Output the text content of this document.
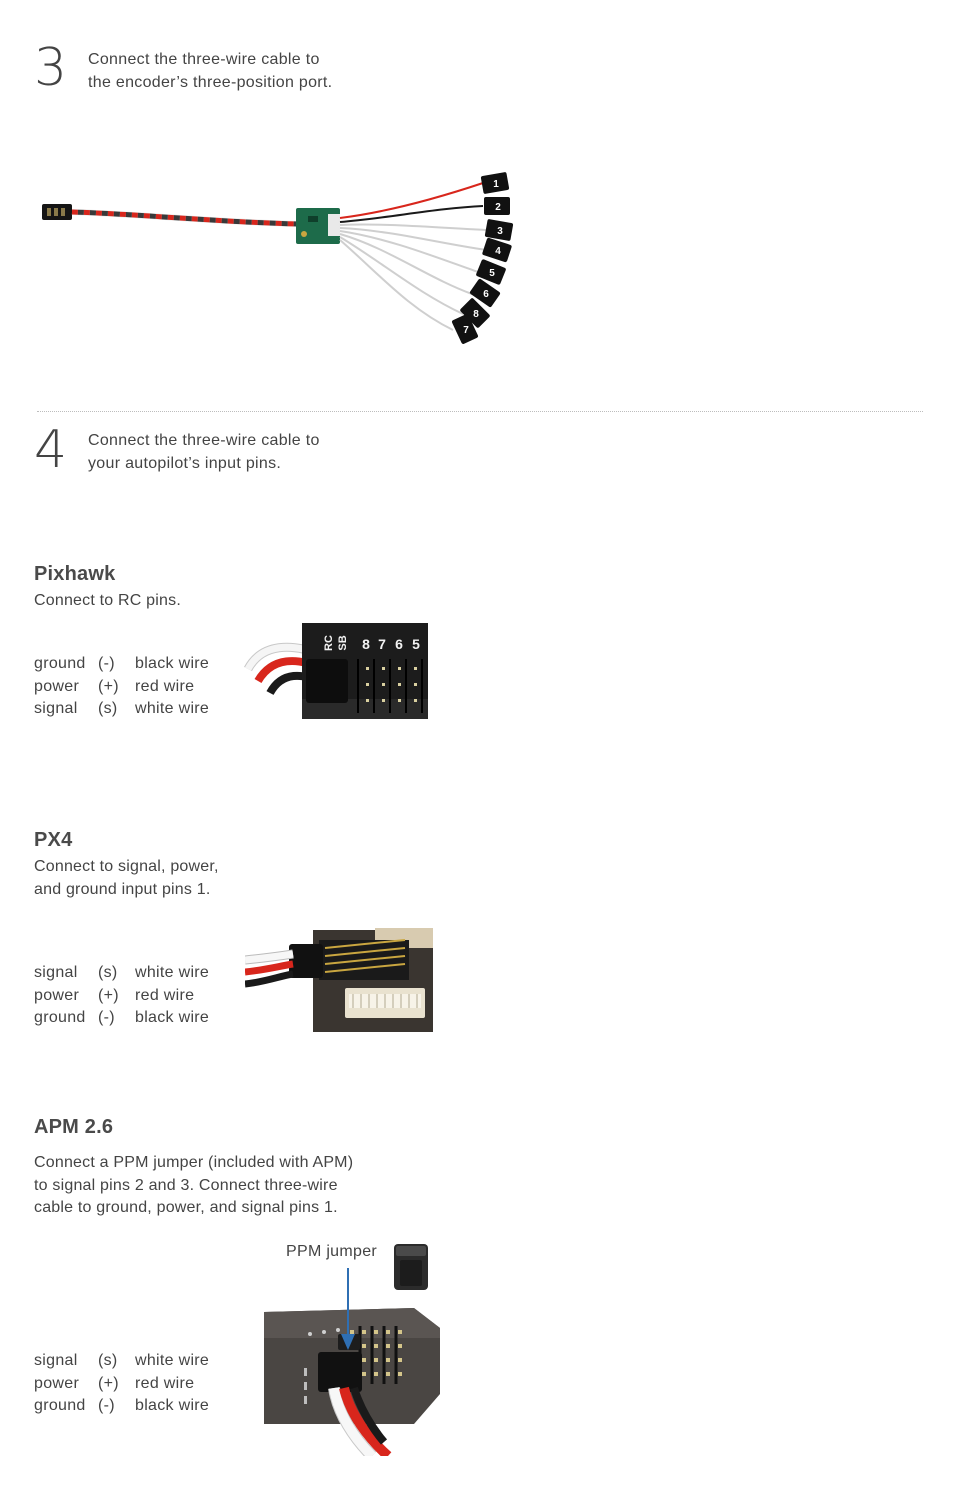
3 Connect the three-wire cable to
the encoder’s three-position port.
1
2
3
4
5
6
8
7
4 Connect the three-wire cable to
your autopilot’s input pins.
Pixhawk
Connect to RC pins.
ground (-)	black wire
power	(+)	red wire
signal	(s)	white wire
RC SB 8 7 6 5
PX4
Connect to signal, power,
and ground input pins 1.
signal	(s)	white wire
power	(+)	red wire
ground (-)	black wire
APM 2.6
Connect a PPM jumper (included with APM)
to signal pins 2 and 3. Connect three-wire
cable to ground, power, and signal pins 1.
PPM jumper
signal	(s)	white wire
power	(+)	red wire
ground (-)	black wire
